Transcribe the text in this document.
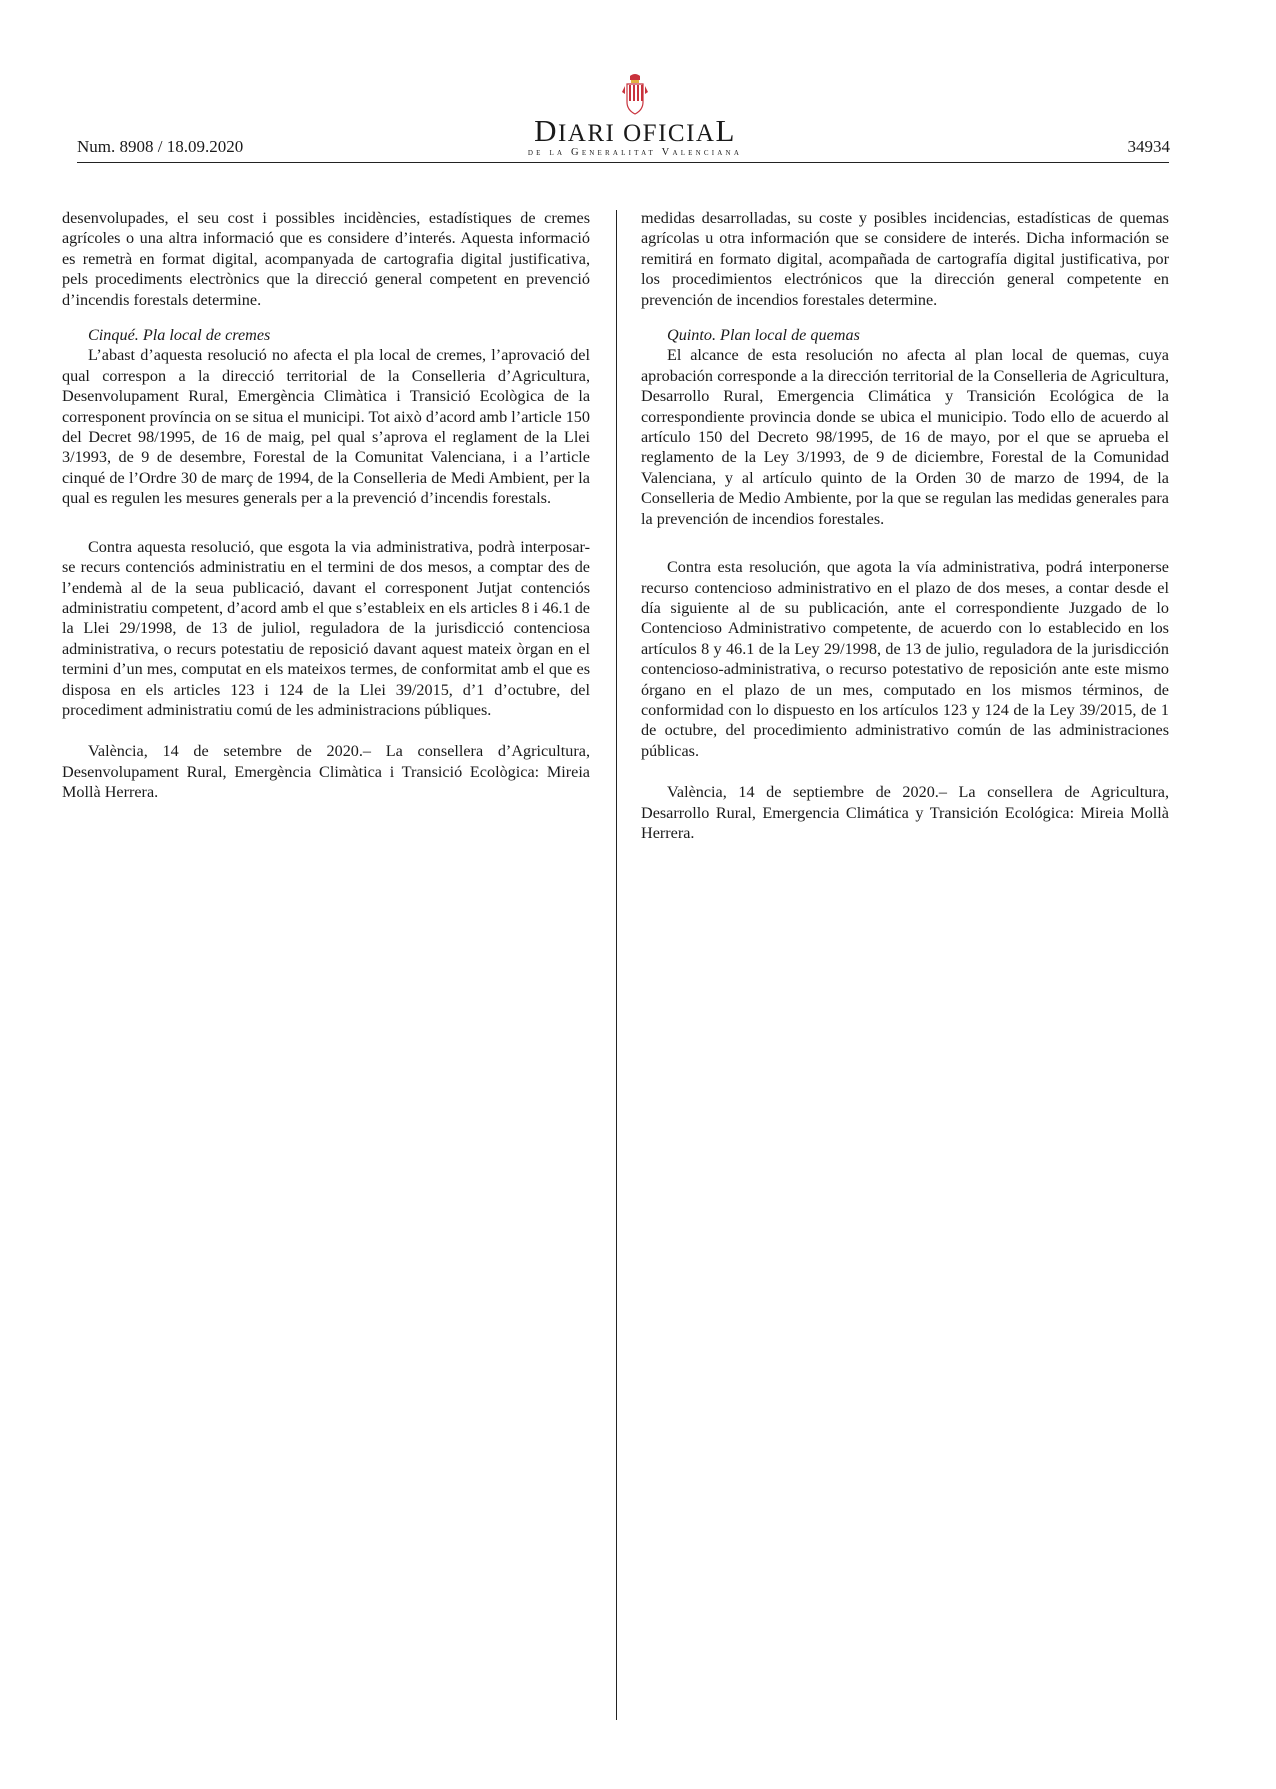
Num. 8908 / 18.09.2020	DIARI OFICIAL
de la Generalitat Valenciana	34934

desenvolupades, el seu cost i possibles incidències, estadístiques de cremes agrícoles o una altra informació que es considere d’interés. Aquesta informació es remetrà en format digital, acompanyada de cartografia digital justificativa, pels procediments electrònics que la direcció general competent en prevenció d’incendis forestals determine.

Cinqué. Pla local de cremes

L’abast d’aquesta resolució no afecta el pla local de cremes, l’aprovació del qual correspon a la direcció territorial de la Conselleria d’Agricultura, Desenvolupament Rural, Emergència Climàtica i Transició Ecològica de la corresponent província on se situa el municipi. Tot això d’acord amb l’article 150 del Decret 98/1995, de 16 de maig, pel qual s’aprova el reglament de la Llei 3/1993, de 9 de desembre, Forestal de la Comunitat Valenciana, i a l’article cinqué de l’Ordre 30 de març de 1994, de la Conselleria de Medi Ambient, per la qual es regulen les mesures generals per a la prevenció d’incendis forestals.

Contra aquesta resolució, que esgota la via administrativa, podrà interposar-se recurs contenciós administratiu en el termini de dos mesos, a comptar des de l’endemà al de la seua publicació, davant el corresponent Jutjat contenciós administratiu competent, d’acord amb el que s’estableix en els articles 8 i 46.1 de la Llei 29/1998, de 13 de juliol, reguladora de la jurisdicció contenciosa administrativa, o recurs potestatiu de reposició davant aquest mateix òrgan en el termini d’un mes, computat en els mateixos termes, de conformitat amb el que es disposa en els articles 123 i 124 de la Llei 39/2015, d’1 d’octubre, del procediment administratiu comú de les administracions públiques.

València, 14 de setembre de 2020.– La consellera d’Agricultura, Desenvolupament Rural, Emergència Climàtica i Transició Ecològica: Mireia Mollà Herrera.

medidas desarrolladas, su coste y posibles incidencias, estadísticas de quemas agrícolas u otra información que se considere de interés. Dicha información se remitirá en formato digital, acompañada de cartografía digital justificativa, por los procedimientos electrónicos que la dirección general competente en prevención de incendios forestales determine.

Quinto. Plan local de quemas

El alcance de esta resolución no afecta al plan local de quemas, cuya aprobación corresponde a la dirección territorial de la Conselleria de Agricultura, Desarrollo Rural, Emergencia Climática y Transición Ecológica de la correspondiente provincia donde se ubica el municipio. Todo ello de acuerdo al artículo 150 del Decreto 98/1995, de 16 de mayo, por el que se aprueba el reglamento de la Ley 3/1993, de 9 de diciembre, Forestal de la Comunidad Valenciana, y al artículo quinto de la Orden 30 de marzo de 1994, de la Conselleria de Medio Ambiente, por la que se regulan las medidas generales para la prevención de incendios forestales.

Contra esta resolución, que agota la vía administrativa, podrá interponerse recurso contencioso administrativo en el plazo de dos meses, a contar desde el día siguiente al de su publicación, ante el correspondiente Juzgado de lo Contencioso Administrativo competente, de acuerdo con lo establecido en los artículos 8 y 46.1 de la Ley 29/1998, de 13 de julio, reguladora de la jurisdicción contencioso-administrativa, o recurso potestativo de reposición ante este mismo órgano en el plazo de un mes, computado en los mismos términos, de conformidad con lo dispuesto en los artículos 123 y 124 de la Ley 39/2015, de 1 de octubre, del procedimiento administrativo común de las administraciones públicas.

València, 14 de septiembre de 2020.– La consellera de Agricultura, Desarrollo Rural, Emergencia Climática y Transición Ecológica: Mireia Mollà Herrera.
